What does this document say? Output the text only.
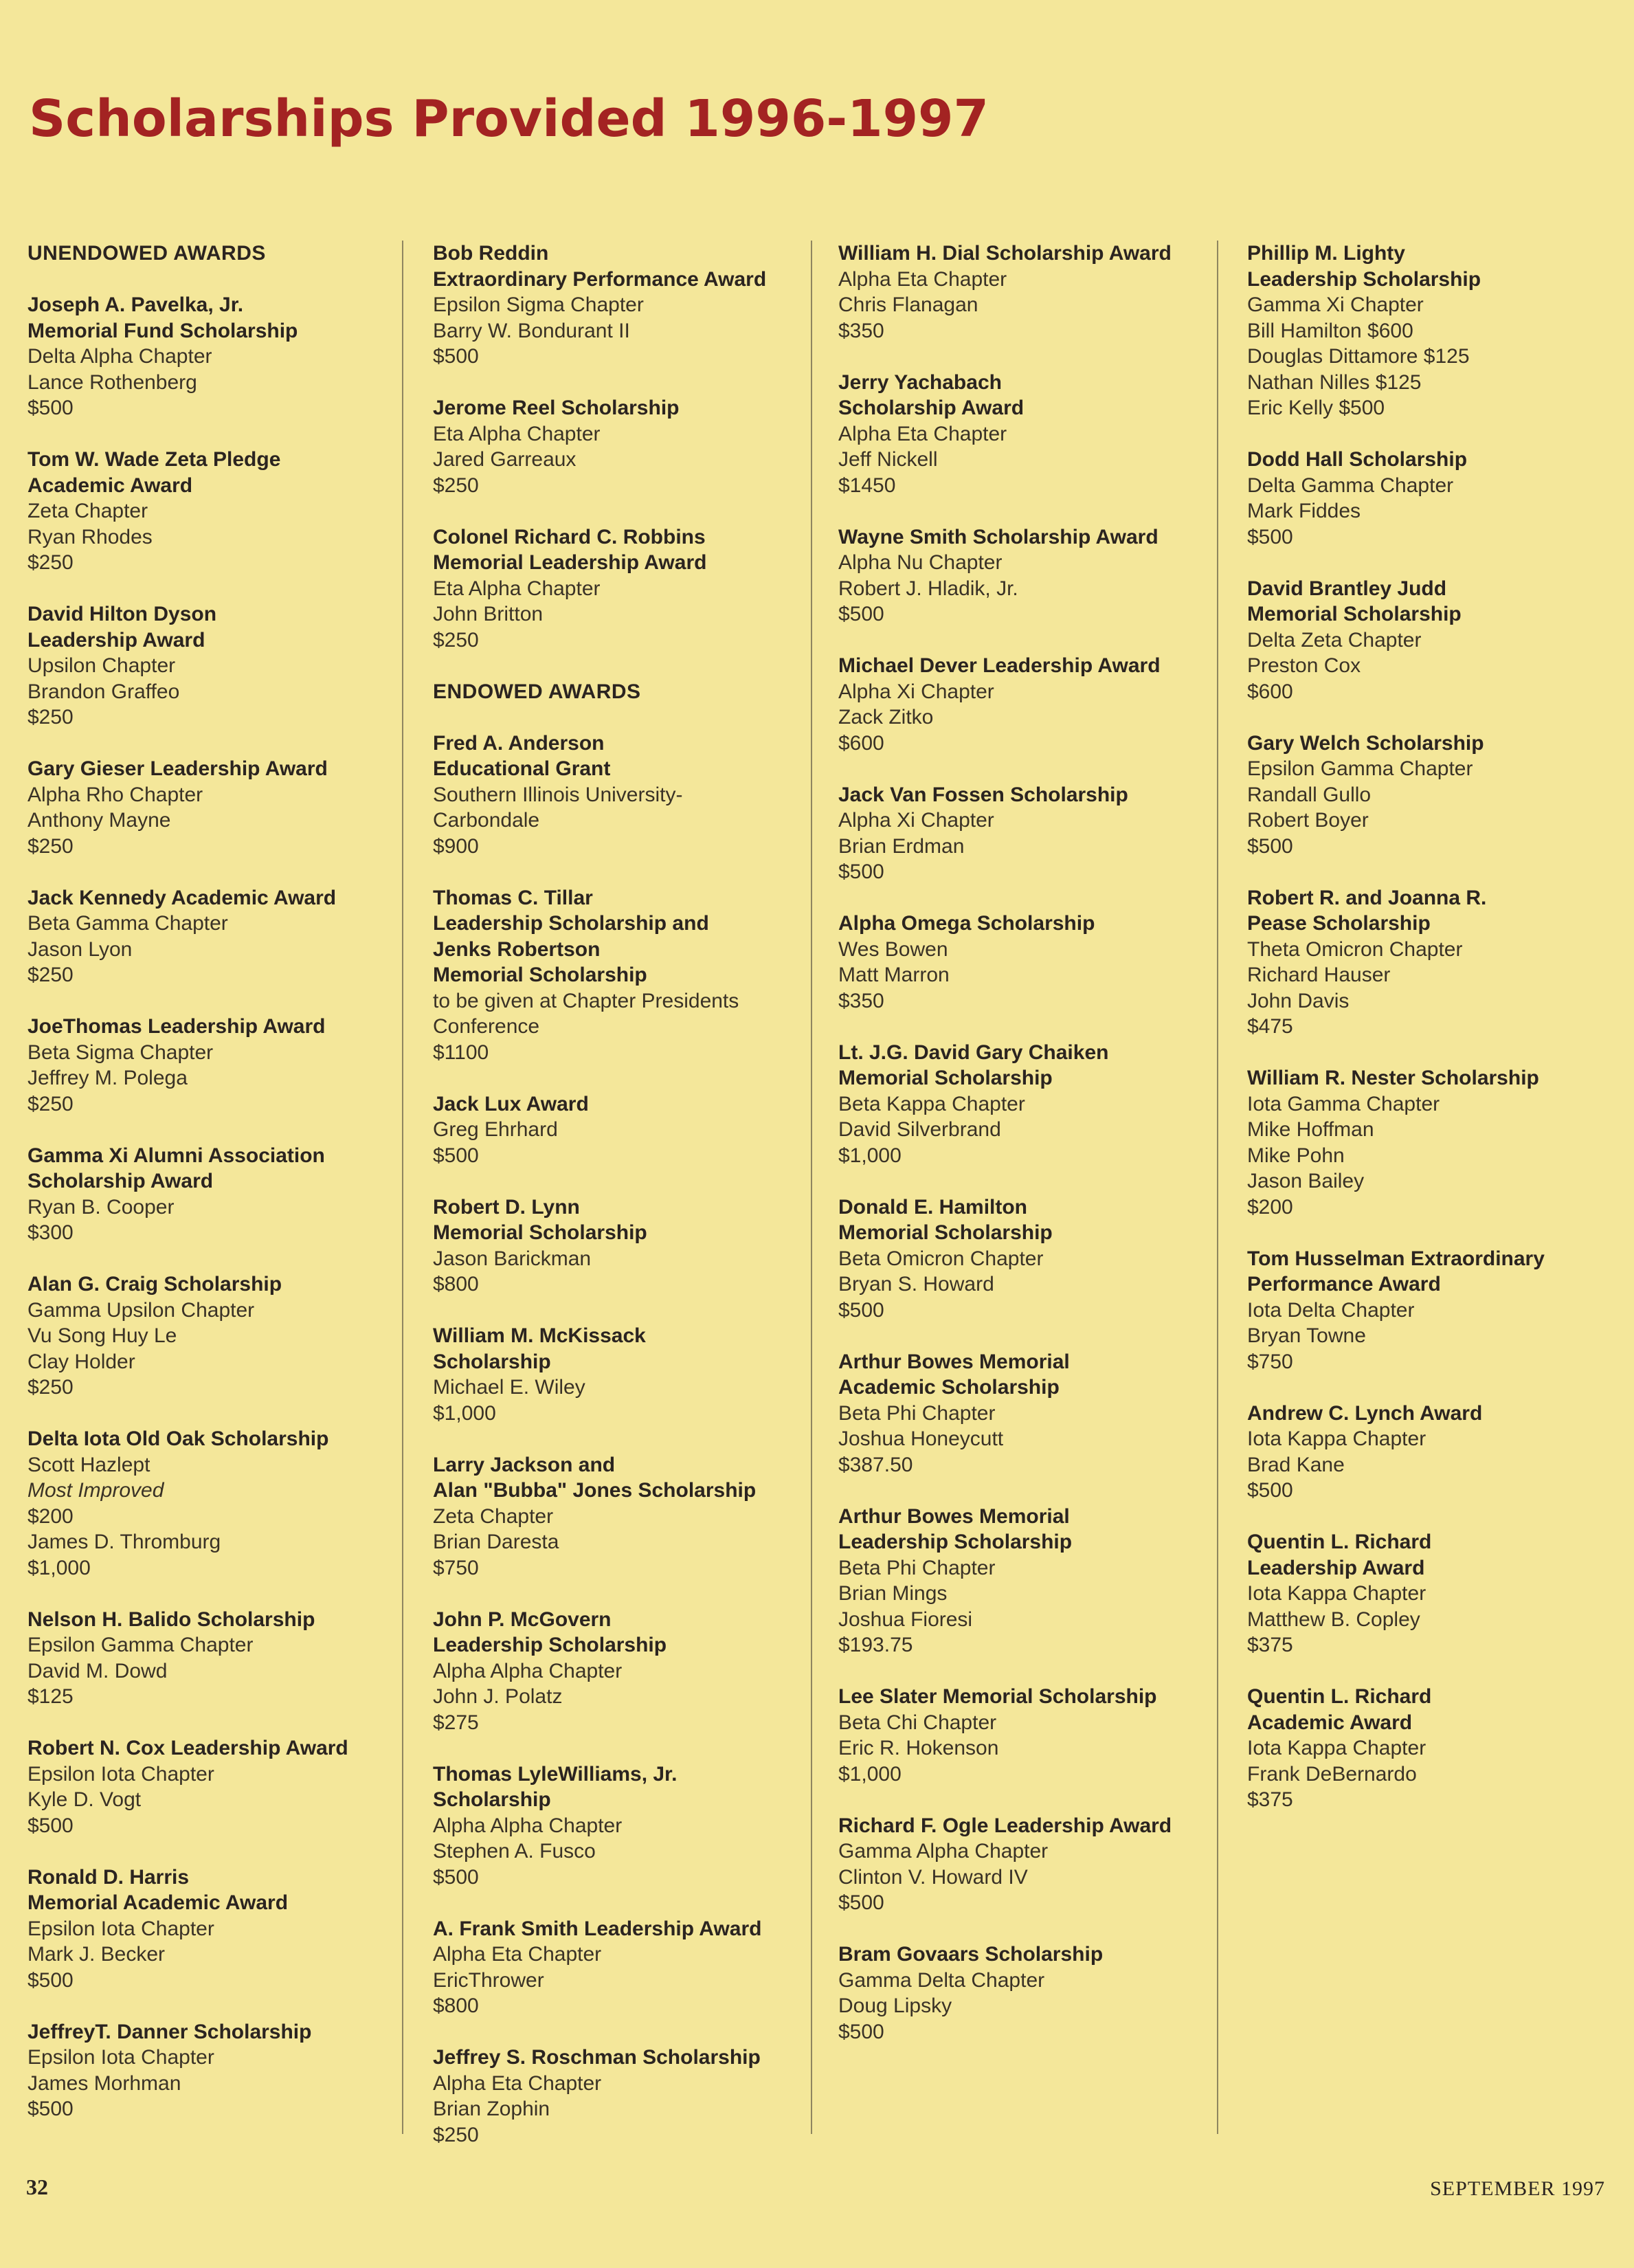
Scholarships Provided 1996-1997
UNENDOWED AWARDS
Joseph A. Pavelka, Jr.
Memorial Fund Scholarship
Delta Alpha Chapter
Lance Rothenberg
$500
Tom W. Wade Zeta Pledge
Academic Award
Zeta Chapter
Ryan Rhodes
$250
David Hilton Dyson
Leadership Award
Upsilon Chapter
Brandon Graffeo
$250
Gary Gieser Leadership Award
Alpha Rho Chapter
Anthony Mayne
$250
Jack Kennedy Academic Award
Beta Gamma Chapter
Jason Lyon
$250
JoeThomas Leadership Award
Beta Sigma Chapter
Jeffrey M. Polega
$250
Gamma Xi Alumni Association
Scholarship Award
Ryan B. Cooper
$300
Alan G. Craig Scholarship
Gamma Upsilon Chapter
Vu Song Huy Le
Clay Holder
$250
Delta Iota Old Oak Scholarship
Scott Hazlept
Most Improved
$200
James D. Thromburg
$1,000
Nelson H. Balido Scholarship
Epsilon Gamma Chapter
David M. Dowd
$125
Robert N. Cox Leadership Award
Epsilon Iota Chapter
Kyle D. Vogt
$500
Ronald D. Harris
Memorial Academic Award
Epsilon Iota Chapter
Mark J. Becker
$500
JeffreyT. Danner Scholarship
Epsilon Iota Chapter
James Morhman
$500
Bob Reddin
Extraordinary Performance Award
Epsilon Sigma Chapter
Barry W. Bondurant II
$500
Jerome Reel Scholarship
Eta Alpha Chapter
Jared Garreaux
$250
Colonel Richard C. Robbins
Memorial Leadership Award
Eta Alpha Chapter
John Britton
$250
ENDOWED AWARDS
Fred A. Anderson
Educational Grant
Southern Illinois University-
Carbondale
$900
Thomas C. Tillar
Leadership Scholarship and
Jenks Robertson
Memorial Scholarship
to be given at Chapter Presidents
Conference
$1100
Jack Lux Award
Greg Ehrhard
$500
Robert D. Lynn
Memorial Scholarship
Jason Barickman
$800
William M. McKissack
Scholarship
Michael E. Wiley
$1,000
Larry Jackson and
Alan "Bubba" Jones Scholarship
Zeta Chapter
Brian Daresta
$750
John P. McGovern
Leadership Scholarship
Alpha Alpha Chapter
John J. Polatz
$275
Thomas LyleWilliams, Jr.
Scholarship
Alpha Alpha Chapter
Stephen A. Fusco
$500
A. Frank Smith Leadership Award
Alpha Eta Chapter
EricThrower
$800
Jeffrey S. Roschman Scholarship
Alpha Eta Chapter
Brian Zophin
$250
William H. Dial Scholarship Award
Alpha Eta Chapter
Chris Flanagan
$350
Jerry Yachabach
Scholarship Award
Alpha Eta Chapter
Jeff Nickell
$1450
Wayne Smith Scholarship Award
Alpha Nu Chapter
Robert J. Hladik, Jr.
$500
Michael Dever Leadership Award
Alpha Xi Chapter
Zack Zitko
$600
Jack Van Fossen Scholarship
Alpha Xi Chapter
Brian Erdman
$500
Alpha Omega Scholarship
Wes Bowen
Matt Marron
$350
Lt. J.G. David Gary Chaiken
Memorial Scholarship
Beta Kappa Chapter
David Silverbrand
$1,000
Donald E. Hamilton
Memorial Scholarship
Beta Omicron Chapter
Bryan S. Howard
$500
Arthur Bowes Memorial
Academic Scholarship
Beta Phi Chapter
Joshua Honeycutt
$387.50
Arthur Bowes Memorial
Leadership Scholarship
Beta Phi Chapter
Brian Mings
Joshua Fioresi
$193.75
Lee Slater Memorial Scholarship
Beta Chi Chapter
Eric R. Hokenson
$1,000
Richard F. Ogle Leadership Award
Gamma Alpha Chapter
Clinton V. Howard IV
$500
Bram Govaars Scholarship
Gamma Delta Chapter
Doug Lipsky
$500
Phillip M. Lighty
Leadership Scholarship
Gamma Xi Chapter
Bill Hamilton $600
Douglas Dittamore $125
Nathan Nilles $125
Eric Kelly $500
Dodd Hall Scholarship
Delta Gamma Chapter
Mark Fiddes
$500
David Brantley Judd
Memorial Scholarship
Delta Zeta Chapter
Preston Cox
$600
Gary Welch Scholarship
Epsilon Gamma Chapter
Randall Gullo
Robert Boyer
$500
Robert R. and Joanna R.
Pease Scholarship
Theta Omicron Chapter
Richard Hauser
John Davis
$475
William R. Nester Scholarship
Iota Gamma Chapter
Mike Hoffman
Mike Pohn
Jason Bailey
$200
Tom Husselman Extraordinary
Performance Award
Iota Delta Chapter
Bryan Towne
$750
Andrew C. Lynch Award
Iota Kappa Chapter
Brad Kane
$500
Quentin L. Richard
Leadership Award
Iota Kappa Chapter
Matthew B. Copley
$375
Quentin L. Richard
Academic Award
Iota Kappa Chapter
Frank DeBernardo
$375
32	SEPTEMBER 1997
